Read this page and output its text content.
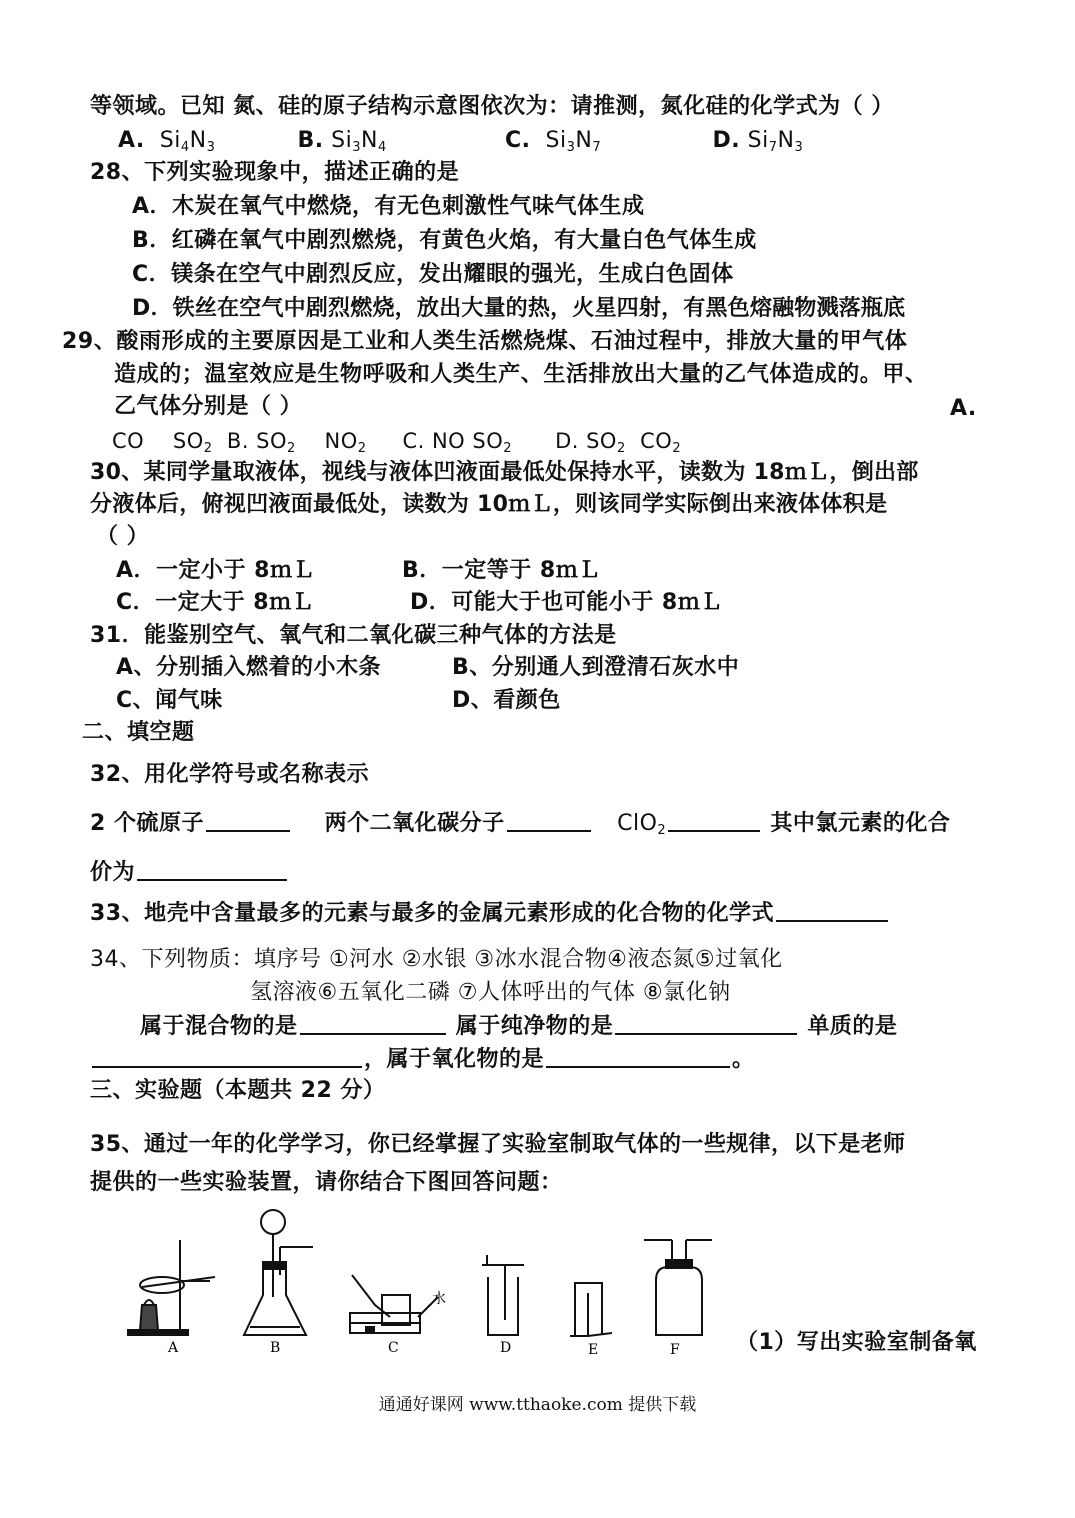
等领域。已知 氮、硅的原子结构示意图依次为：请推测，氮化硅的化学式为（ ）
A. $Si_4N_3$	B. $Si_3N_4$	C. $Si_3N_7$	D. $Si_7N_3$
28、下列实验现象中，描述正确的是
A．木炭在氧气中燃烧，有无色刺激性气味气体生成
B．红磷在氧气中剧烈燃烧，有黄色火焰，有大量白色气体生成
C．镁条在空气中剧烈反应，发出耀眼的强光，生成白色固体
D．铁丝在空气中剧烈燃烧，放出大量的热，火星四射，有黑色熔融物溅落瓶底
29、酸雨形成的主要原因是工业和人类生活燃烧煤、石油过程中，排放大量的甲气体
造成的；温室效应是生物呼吸和人类生产、生活排放出大量的乙气体造成的。甲、
乙气体分别是（ ）	A.
CO $SO_2$ B. $SO_2$ $NO_2$ C. NO $SO_2$ D. $SO_2$ $CO_2$
30、某同学量取液体，视线与液体凹液面最低处保持水平，读数为 18ｍＬ，倒出部
分液体后，俯视凹液面最低处，读数为 10ｍＬ，则该同学实际倒出来液体体积是
（ ）
A．一定小于 8ｍＬ	B．一定等于 8ｍＬ
C．一定大于 8ｍＬ	D．可能大于也可能小于 8ｍＬ
31．能鉴别空气、氧气和二氧化碳三种气体的方法是
A、分别插入燃着的小木条	B、分别通人到澄清石灰水中
C、闻气味	D、看颜色
二、填空题
32、用化学符号或名称表示
2 个硫原子	两个二氧化碳分子	ClO$_2$	其中氯元素的化合
价为
33、地壳中含量最多的元素与最多的金属元素形成的化合物的化学式
34、下列物质：填序号 ①河水 ②水银 ③冰水混合物④液态氮⑤过氧化
氢溶液⑥五氧化二磷 ⑦人体呼出的气体 ⑧氯化钠
属于混合物的是	属于纯净物的是	单质的是
，属于氧化物的是	。
三、实验题（本题共 22 分）
35、通过一年的化学学习，你已经掌握了实验室制取气体的一些规律，以下是老师
提供的一些实验装置，请你结合下图回答问题：
水
A	B	C	D	E	F	（1）写出实验室制备氧
通通好课网 www.tthaoke.com 提供下载
